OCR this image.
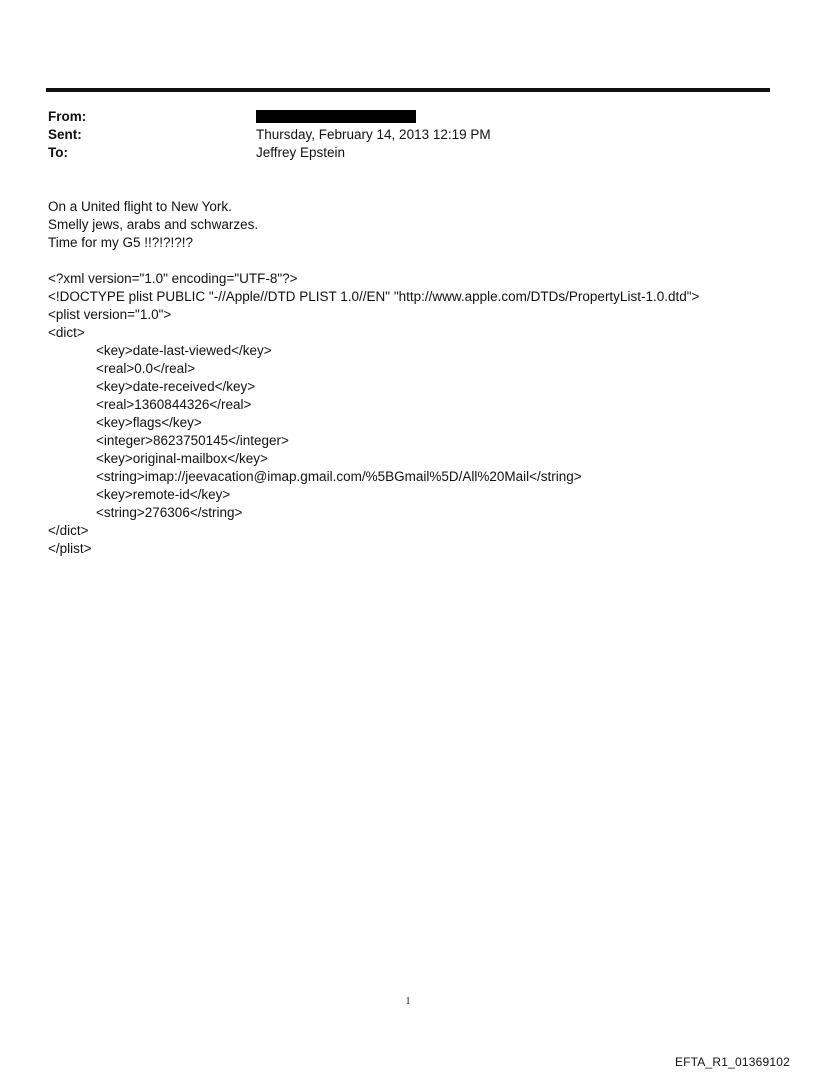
From:
Sent:	Thursday, February 14, 2013 12:19 PM
To:	Jeffrey Epstein
On a United flight to New York.
Smelly jews, arabs and schwarzes.
Time for my G5 !!?!?!?!?
<?xml version="1.0" encoding="UTF-8"?>
<!DOCTYPE plist PUBLIC "-//Apple//DTD PLIST 1.0//EN" "http://www.apple.com/DTDs/PropertyList-1.0.dtd">
<plist version="1.0">
<dict>
<key>date-last-viewed</key>
<real>0.0</real>
<key>date-received</key>
<real>1360844326</real>
<key>flags</key>
<integer>8623750145</integer>
<key>original-mailbox</key>
<string>imap://jeevacation@imap.gmail.com/%5BGmail%5D/All%20Mail</string>
<key>remote-id</key>
<string>276306</string>
</dict>
</plist>
1
EFTA_R1_01369102
